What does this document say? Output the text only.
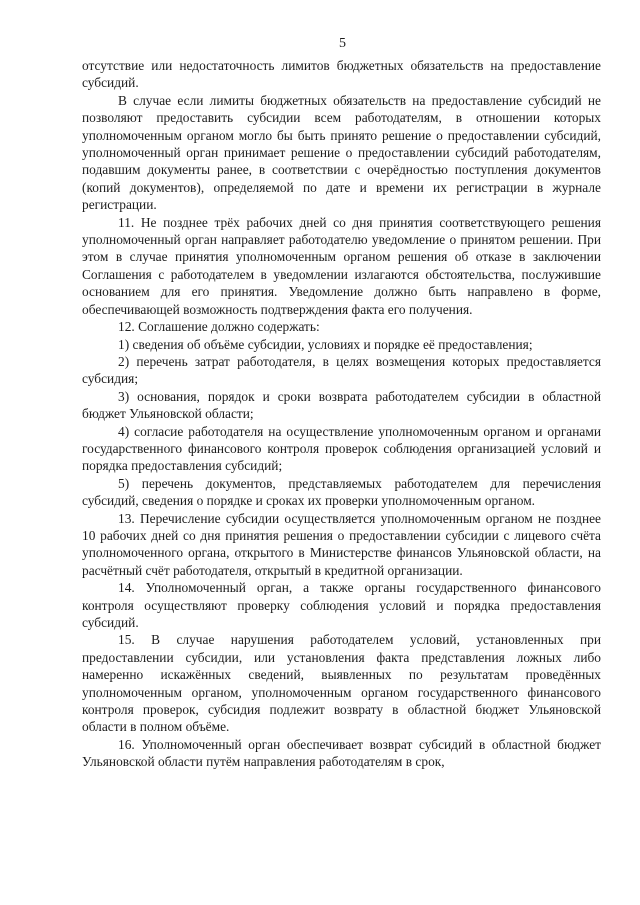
5

отсутствие или недостаточность лимитов бюджетных обязательств на предоставление субсидий.

В случае если лимиты бюджетных обязательств на предоставление субсидий не позволяют предоставить субсидии всем работодателям, в отношении которых уполномоченным органом могло бы быть принято решение о предоставлении субсидий, уполномоченный орган принимает решение о предоставлении субсидий работодателям, подавшим документы ранее, в соответствии с очерёдностью поступления документов (копий документов), определяемой по дате и времени их регистрации в журнале регистрации.

11. Не позднее трёх рабочих дней со дня принятия соответствующего решения уполномоченный орган направляет работодателю уведомление о принятом решении. При этом в случае принятия уполномоченным органом решения об отказе в заключении Соглашения с работодателем в уведомлении излагаются обстоятельства, послужившие основанием для его принятия. Уведомление должно быть направлено в форме, обеспечивающей возможность подтверждения факта его получения.

12. Соглашение должно содержать:

1) сведения об объёме субсидии, условиях и порядке её предоставления;

2) перечень затрат работодателя, в целях возмещения которых предоставляется субсидия;

3) основания, порядок и сроки возврата работодателем субсидии в областной бюджет Ульяновской области;

4) согласие работодателя на осуществление уполномоченным органом и органами государственного финансового контроля проверок соблюдения организацией условий и порядка предоставления субсидий;

5) перечень документов, представляемых работодателем для перечисления субсидий, сведения о порядке и сроках их проверки уполномоченным органом.

13. Перечисление субсидии осуществляется уполномоченным органом не позднее 10 рабочих дней со дня принятия решения о предоставлении субсидии с лицевого счёта уполномоченного органа, открытого в Министерстве финансов Ульяновской области, на расчётный счёт работодателя, открытый в кредитной организации.

14. Уполномоченный орган, а также органы государственного финансового контроля осуществляют проверку соблюдения условий и порядка предоставления субсидий.

15. В случае нарушения работодателем условий, установленных при предоставлении субсидии, или установления факта представления ложных либо намеренно искажённых сведений, выявленных по результатам проведённых уполномоченным органом, уполномоченным органом государственного финансового контроля проверок, субсидия подлежит возврату в областной бюджет Ульяновской области в полном объёме.

16. Уполномоченный орган обеспечивает возврат субсидий в областной бюджет Ульяновской области путём направления работодателям в срок,
